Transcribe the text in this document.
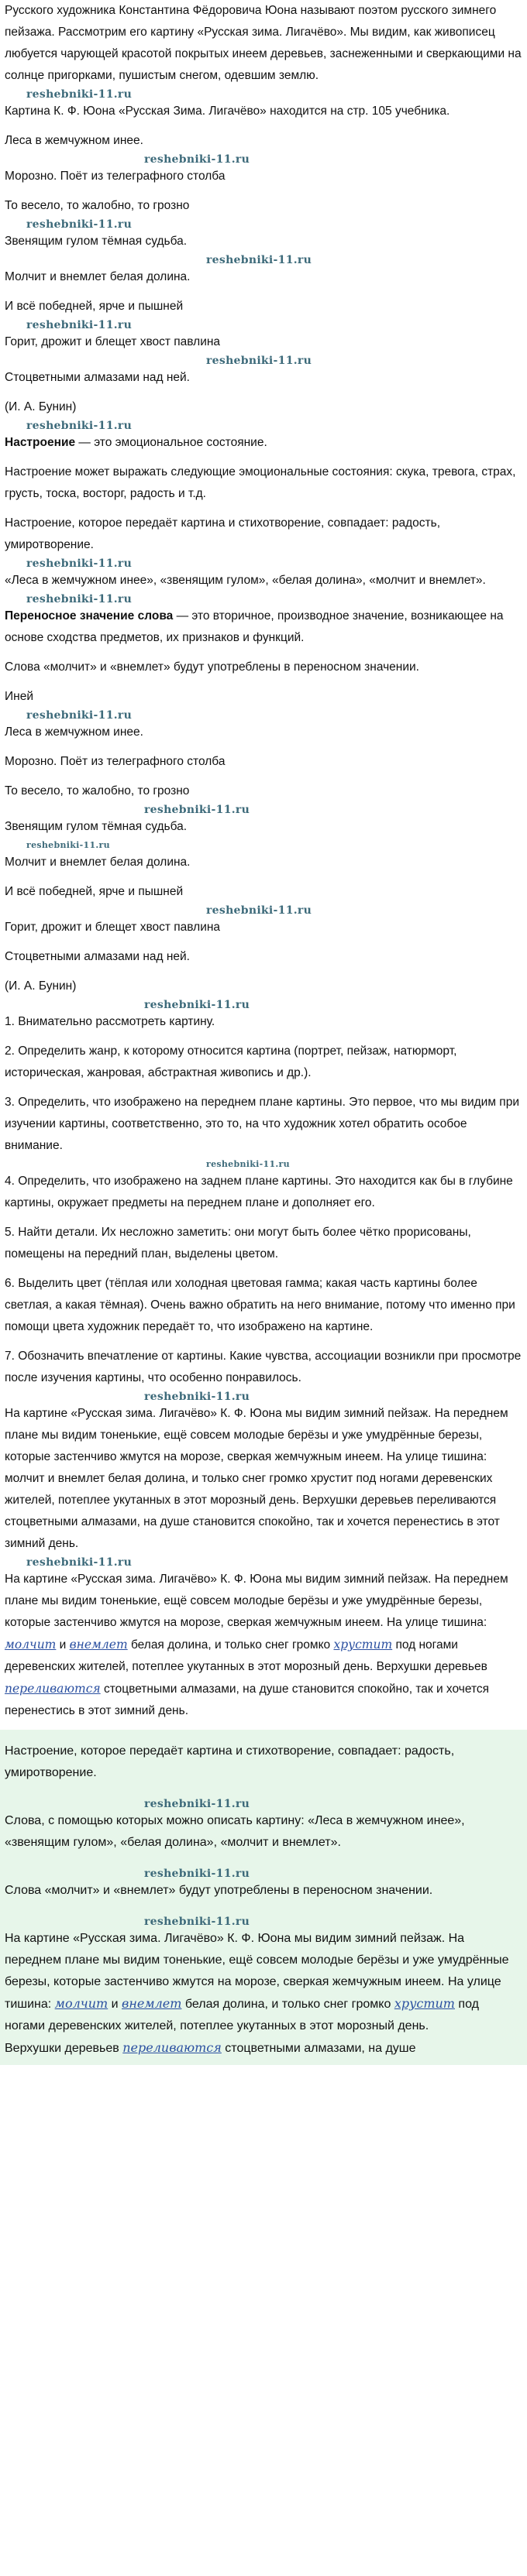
Русского художника Константина Фёдоровича Юона называют поэтом русского зимнего пейзажа. Рассмотрим его картину «Русская зима. Лигачёво». Мы видим, как живописец любуется чарующей красотой покрытых инеем деревьев, заснеженными и сверкающими на солнце пригорками, пушистым снегом, одевшим землю.

reshebniki-11.ru

Картина К. Ф. Юона «Русская Зима. Лигачёво» находится на стр. 105 учебника.

Леса в жемчужном инее.

reshebniki-11.ru

Морозно. Поёт из телеграфного столба

То весело, то жалобно, то грозно

reshebniki-11.ru

Звенящим гулом тёмная судьба.

reshebniki-11.ru

Молчит и внемлет белая долина.

И всё победней, ярче и пышней

reshebniki-11.ru

Горит, дрожит и блещет хвост павлина

reshebniki-11.ru

Стоцветными алмазами над ней.

(И. А. Бунин)

reshebniki-11.ru

Настроение — это эмоциональное состояние.

Настроение может выражать следующие эмоциональные состояния: скука, тревога, страх, грусть, тоска, восторг, радость и т.д.

Настроение, которое передаёт картина и стихотворение, совпадает: радость, умиротворение.

reshebniki-11.ru

«Леса в жемчужном инее», «звенящим гулом», «белая долина», «молчит и внемлет».

reshebniki-11.ru

Переносное значение слова — это вторичное, производное значение, возникающее на основе сходства предметов, их признаков и функций.

Слова «молчит» и «внемлет» будут употреблены в переносном значении.

Иней

reshebniki-11.ru

Леса в жемчужном инее.

Морозно. Поёт из телеграфного столба

То весело, то жалобно, то грозно

reshebniki-11.ru

Звенящим гулом тёмная судьба.

reshebniki-11.ru

Молчит и внемлет белая долина.

И всё победней, ярче и пышней

reshebniki-11.ru

Горит, дрожит и блещет хвост павлина

Стоцветными алмазами над ней.

(И. А. Бунин)

reshebniki-11.ru

1. Внимательно рассмотреть картину.

2. Определить жанр, к которому относится картина (портрет, пейзаж, натюрморт, историческая, жанровая, абстрактная живопись и др.).

3. Определить, что изображено на переднем плане картины. Это первое, что мы видим при изучении картины, соответственно, это то, на что художник хотел обратить особое внимание.

reshebniki-11.ru

4. Определить, что изображено на заднем плане картины. Это находится как бы в глубине картины, окружает предметы на переднем плане и дополняет его.

5. Найти детали. Их несложно заметить: они могут быть более чётко прорисованы, помещены на передний план, выделены цветом.

6. Выделить цвет (тёплая или холодная цветовая гамма; какая часть картины более светлая, а какая тёмная). Очень важно обратить на него внимание, потому что именно при помощи цвета художник передаёт то, что изображено на картине.

7. Обозначить впечатление от картины. Какие чувства, ассоциации возникли при просмотре после изучения картины, что особенно понравилось.

reshebniki-11.ru

На картине «Русская зима. Лигачёво» К. Ф. Юона мы видим зимний пейзаж. На переднем плане мы видим тоненькие, ещё совсем молодые берёзы и уже умудрённые березы, которые застенчиво жмутся на морозе, сверкая жемчужным инеем. На улице тишина: молчит и внемлет белая долина, и только снег громко хрустит под ногами деревенских жителей, потеплее укутанных в этот морозный день. Верхушки деревьев переливаются стоцветными алмазами, на душе становится спокойно, так и хочется перенестись в этот зимний день.

reshebniki-11.ru

На картине «Русская зима. Лигачёво» К. Ф. Юона мы видим зимний пейзаж. На переднем плане мы видим тоненькие, ещё совсем молодые берёзы и уже умудрённые березы, которые застенчиво жмутся на морозе, сверкая жемчужным инеем. На улице тишина: молчит и внемлет белая долина, и только снег громко хрустит под ногами деревенских жителей, потеплее укутанных в этот морозный день. Верхушки деревьев переливаются стоцветными алмазами, на душе становится спокойно, так и хочется перенестись в этот зимний день.

Настроение, которое передаёт картина и стихотворение, совпадает: радость, умиротворение.

reshebniki-11.ru

Слова, с помощью которых можно описать картину: «Леса в жемчужном инее», «звенящим гулом», «белая долина», «молчит и внемлет».

reshebniki-11.ru

Слова «молчит» и «внемлет» будут употреблены в переносном значении.

reshebniki-11.ru

На картине «Русская зима. Лигачёво» К. Ф. Юона мы видим зимний пейзаж. На переднем плане мы видим тоненькие, ещё совсем молодые берёзы и уже умудрённые березы, которые застенчиво жмутся на морозе, сверкая жемчужным инеем. На улице тишина: молчит и внемлет белая долина, и только снег громко хрустит под ногами деревенских жителей, потеплее укутанных в этот морозный день.

Верхушки деревьев переливаются стоцветными алмазами, на душе
